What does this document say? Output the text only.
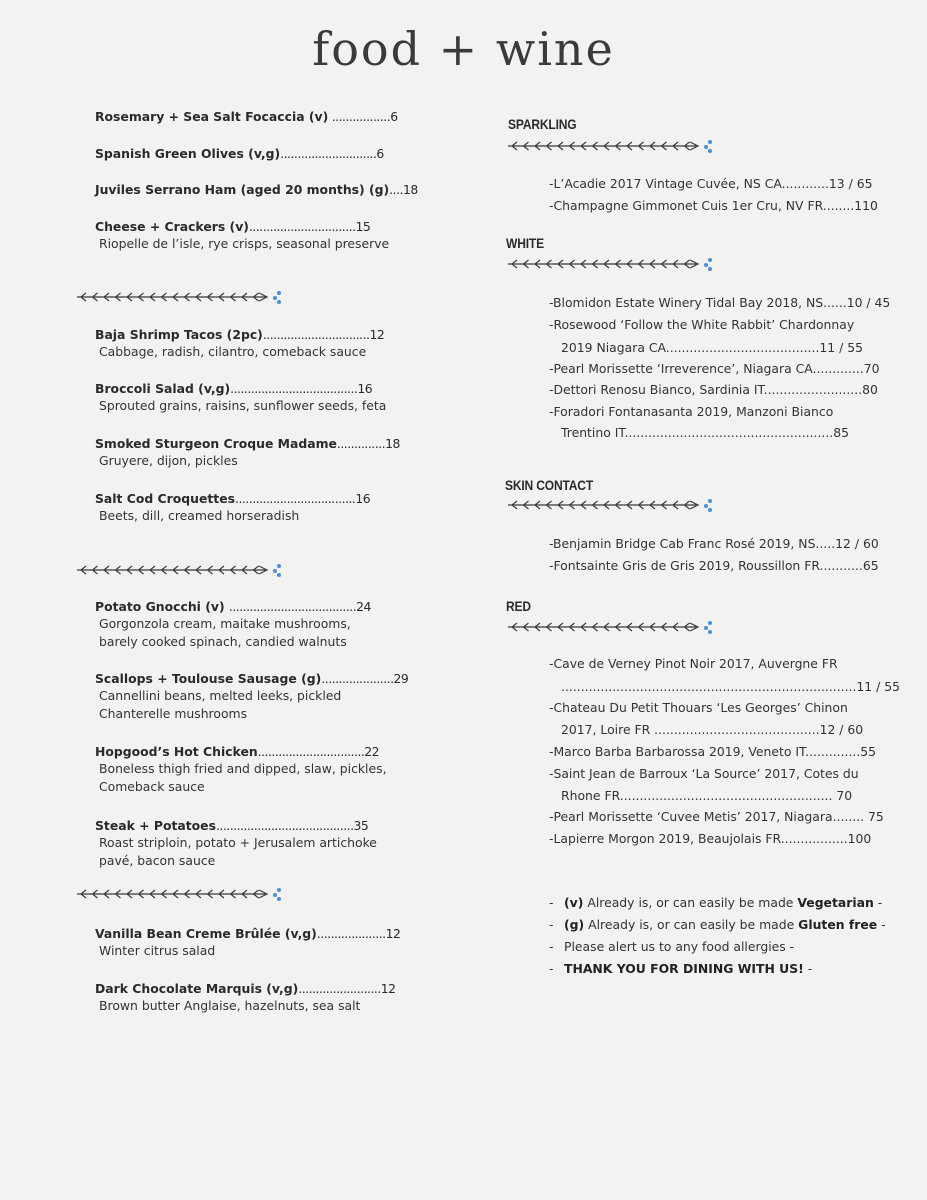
food + wine
Rosemary + Sea Salt Focaccia (v) .................6
Spanish Green Olives (v,g)............................6
Juviles Serrano Ham (aged 20 months) (g)....18
Cheese + Crackers (v)...............................15
Riopelle de l’isle, rye crisps, seasonal preserve
Baja Shrimp Tacos (2pc)...............................12
Cabbage, radish, cilantro, comeback sauce
Broccoli Salad (v,g).....................................16
Sprouted grains, raisins, sunflower seeds, feta
Smoked Sturgeon Croque Madame..............18
Gruyere, dijon, pickles
Salt Cod Croquettes...................................16
Beets, dill, creamed horseradish
Potato Gnocchi (v) .....................................24
Gorgonzola cream, maitake mushrooms,
barely cooked spinach, candied walnuts
Scallops + Toulouse Sausage (g).....................29
Cannellini beans, melted leeks, pickled
Chanterelle mushrooms
Hopgood’s Hot Chicken...............................22
Boneless thigh fried and dipped, slaw, pickles,
Comeback sauce
Steak + Potatoes........................................35
Roast striploin, potato + Jerusalem artichoke
pavé, bacon sauce
Vanilla Bean Creme Brûlée (v,g)....................12
Winter citrus salad
Dark Chocolate Marquis (v,g)........................12
Brown butter Anglaise, hazelnuts, sea salt
SPARKLING
-L’Acadie 2017 Vintage Cuvée, NS CA............13 / 65
-Champagne Gimmonet Cuis 1er Cru, NV FR........110
WHITE
-Blomidon Estate Winery Tidal Bay 2018, NS......10 / 45
-Rosewood ‘Follow the White Rabbit’ Chardonnay
2019 Niagara CA.......................................11 / 55
-Pearl Morissette ‘Irreverence’, Niagara CA.............70
-Dettori Renosu Bianco, Sardinia IT.........................80
-Foradori Fontanasanta 2019, Manzoni Bianco
Trentino IT.....................................................85
SKIN CONTACT
-Benjamin Bridge Cab Franc Rosé 2019, NS.....12 / 60
-Fontsainte Gris de Gris 2019, Roussillon FR...........65
RED
-Cave de Verney Pinot Noir 2017, Auvergne FR
...........................................................................11 / 55
-Chateau Du Petit Thouars ‘Les Georges’ Chinon
2017, Loire FR ..........................................12 / 60
-Marco Barba Barbarossa 2019, Veneto IT..............55
-Saint Jean de Barroux ‘La Source’ 2017, Cotes du
Rhone FR...................................................... 70
-Pearl Morissette ‘Cuvee Metis’ 2017, Niagara........ 75
-Lapierre Morgon 2019, Beaujolais FR.................100
- (v) Already is, or can easily be made Vegetarian -
- (g) Already is, or can easily be made Gluten free -
- Please alert us to any food allergies -
- THANK YOU FOR DINING WITH US! -
